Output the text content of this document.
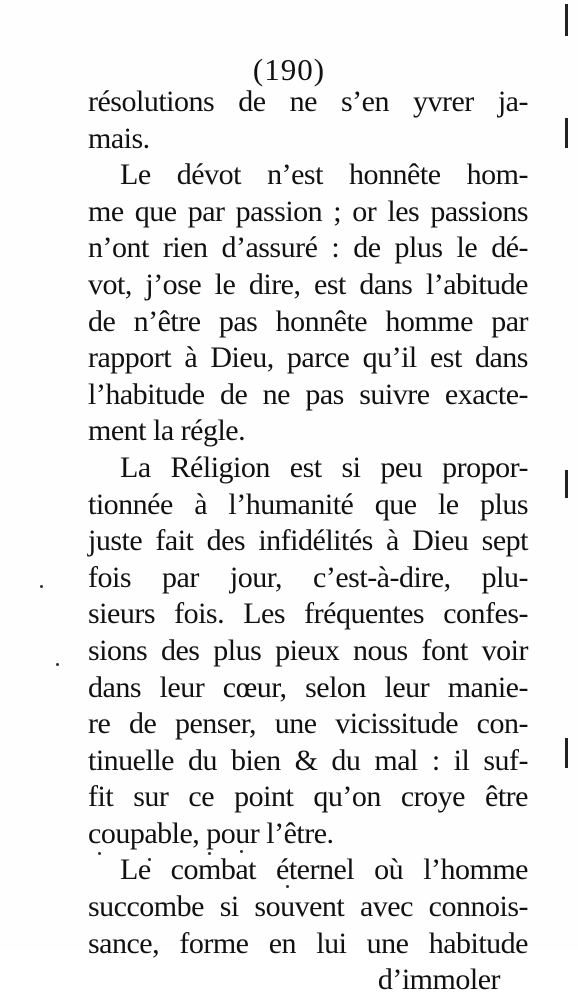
(190)
résolutions de ne s’en yvrer ja-
mais.
Le dévot n’est honnête hom-
me que par passion ; or les passions
n’ont rien d’assuré : de plus le dé-
vot, j’ose le dire, est dans l’abitude
de n’être pas honnête homme par
rapport à Dieu, parce qu’il est dans
l’habitude de ne pas suivre exacte-
ment la régle.
La Réligion est si peu propor-
tionnée à l’humanité que le plus
juste fait des infidélités à Dieu sept
fois par jour, c’est-à-dire, plu-
sieurs fois. Les fréquentes confes-
sions des plus pieux nous font voir
dans leur cœur, selon leur manie-
re de penser, une vicissitude con-
tinuelle du bien & du mal : il suf-
fit sur ce point qu’on croye être
coupable, pour l’être.
Le combat éternel où l’homme
succombe si souvent avec connois-
sance, forme en lui une habitude
d’immoler
